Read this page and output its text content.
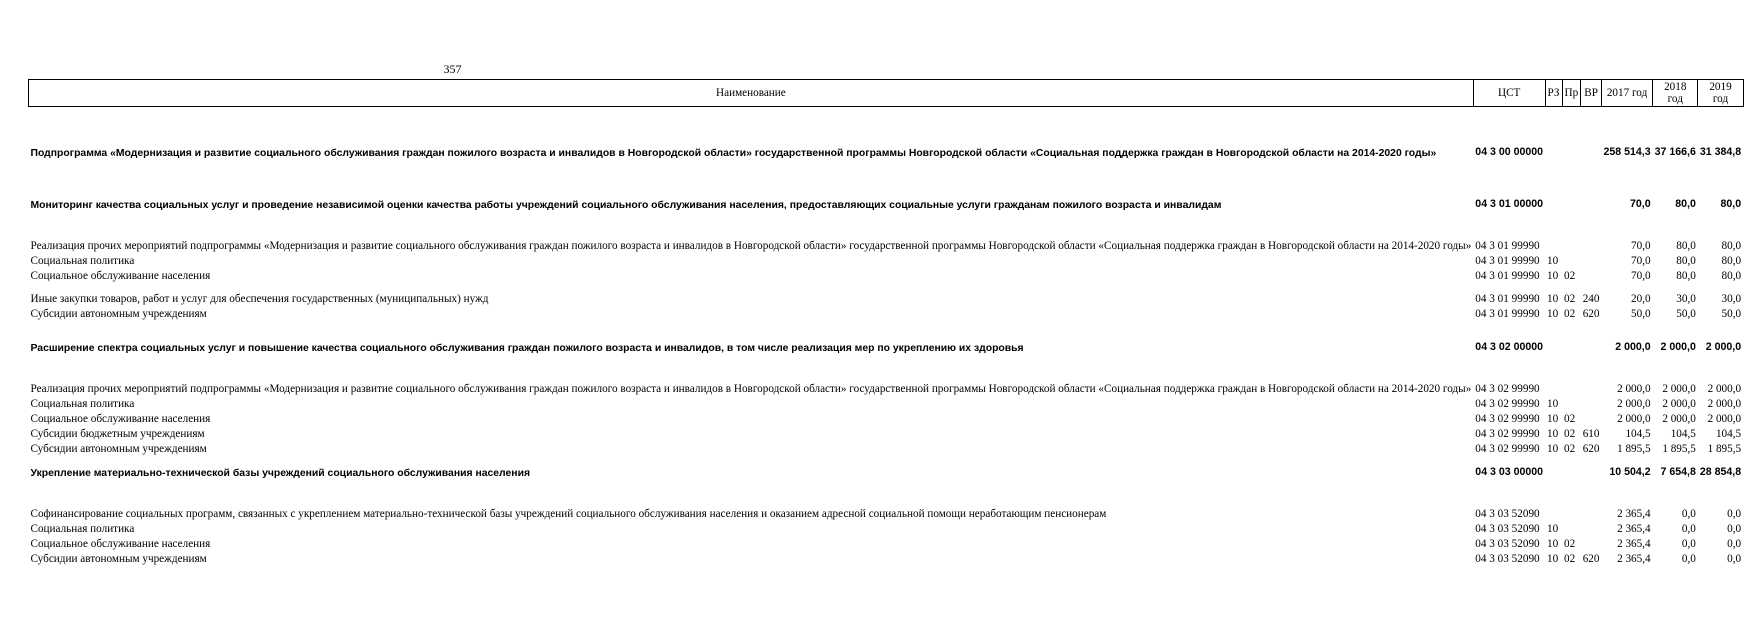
357
Наименование	ЦСТ	РЗ	Пр	ВР	2017 год	2018 год	2019 год
Подпрограмма «Модернизация и развитие социального обслуживания граждан пожилого возраста и инвалидов в Новгородской области» государственной программы Новгородской области «Социальная поддержка граждан в Новгородской области на 2014-2020 годы»	04 3 00 00000				258 514,3	37 166,6	31 384,8
Мониторинг качества социальных услуг и проведение независимой оценки качества работы учреждений социального обслуживания населения, предоставляющих социальные услуги гражданам пожилого возраста и инвалидам	04 3 01 00000				70,0	80,0	80,0
Реализация прочих мероприятий подпрограммы «Модернизация и развитие социального обслуживания граждан пожилого возраста и инвалидов в Новгородской области» государственной программы Новгородской области «Социальная поддержка граждан в Новгородской области на 2014-2020 годы»	04 3 01 99990				70,0	80,0	80,0
Социальная политика	04 3 01 99990	10			70,0	80,0	80,0
Социальное обслуживание населения	04 3 01 99990	10	02		70,0	80,0	80,0
Иные закупки товаров, работ и услуг для обеспечения государственных (муниципальных) нужд	04 3 01 99990	10	02	240	20,0	30,0	30,0
Субсидии автономным учреждениям	04 3 01 99990	10	02	620	50,0	50,0	50,0
Расширение спектра социальных услуг и повышение качества социального обслуживания граждан пожилого возраста и инвалидов, в том числе реализация мер по укреплению их здоровья	04 3 02 00000				2 000,0	2 000,0	2 000,0
Реализация прочих мероприятий подпрограммы «Модернизация и развитие социального обслуживания граждан пожилого возраста и инвалидов в Новгородской области» государственной программы Новгородской области «Социальная поддержка граждан в Новгородской области на 2014-2020 годы»	04 3 02 99990				2 000,0	2 000,0	2 000,0
Социальная политика	04 3 02 99990	10			2 000,0	2 000,0	2 000,0
Социальное обслуживание населения	04 3 02 99990	10	02		2 000,0	2 000,0	2 000,0
Субсидии бюджетным учреждениям	04 3 02 99990	10	02	610	104,5	104,5	104,5
Субсидии автономным учреждениям	04 3 02 99990	10	02	620	1 895,5	1 895,5	1 895,5
Укрепление материально-технической базы учреждений социального обслуживания населения	04 3 03 00000				10 504,2	7 654,8	28 854,8
Софинансирование социальных программ, связанных с укреплением материально-технической базы учреждений социального обслуживания населения и оказанием адресной социальной помощи неработающим пенсионерам	04 3 03 52090				2 365,4	0,0	0,0
Социальная политика	04 3 03 52090	10			2 365,4	0,0	0,0
Социальное обслуживание населения	04 3 03 52090	10	02		2 365,4	0,0	0,0
Субсидии автономным учреждениям	04 3 03 52090	10	02	620	2 365,4	0,0	0,0
